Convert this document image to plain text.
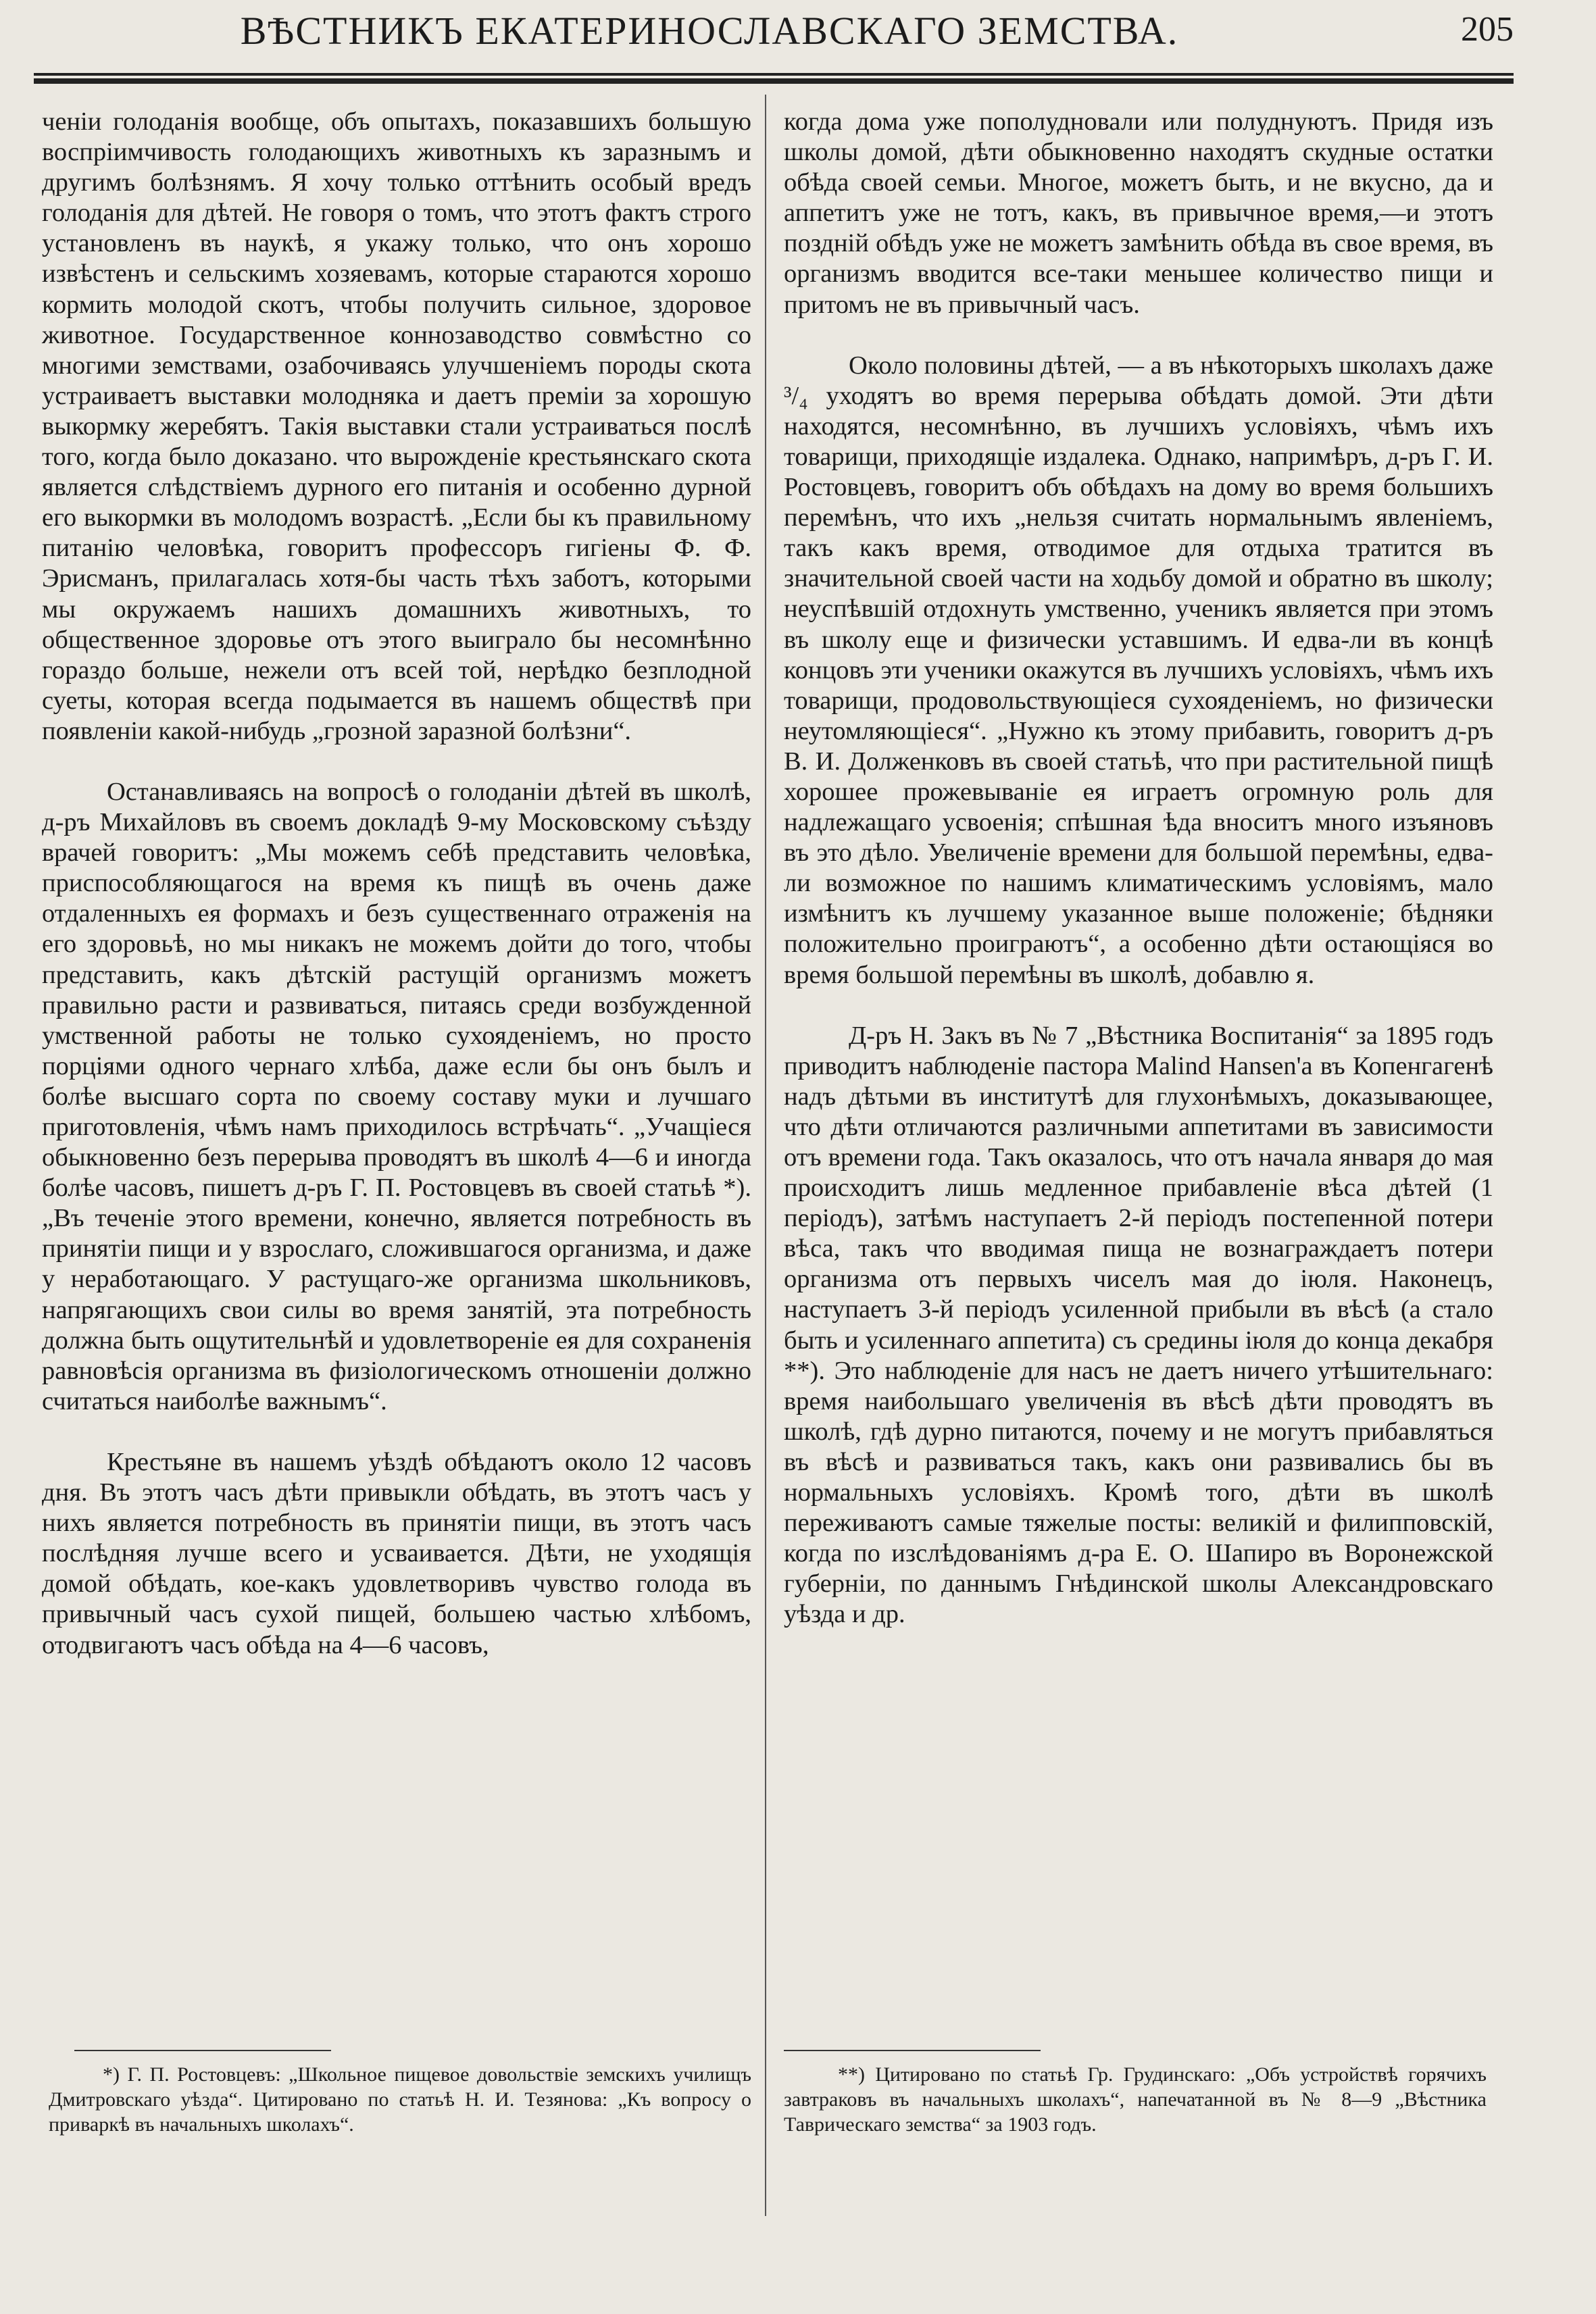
ВѢСТНИКЪ ЕКАТЕРИНОСЛАВСКАГО ЗЕМСТВА.	205

ченіи голоданія вообще, объ опытахъ, показавшихъ большую воспріимчивость голодающихъ животныхъ къ заразнымъ и другимъ болѣзнямъ. Я хочу только оттѣнить особый вредъ голоданія для дѣтей. Не говоря о томъ, что этотъ фактъ строго установленъ въ наукѣ, я укажу только, что онъ хорошо извѣстенъ и сельскимъ хозяевамъ, которые стараются хорошо кормить молодой скотъ, чтобы получить сильное, здоровое животное. Государственное коннозаводство совмѣстно со многими земствами, озабочиваясь улучшеніемъ породы скота устраиваетъ выставки молодняка и даетъ преміи за хорошую выкормку жеребятъ. Такія выставки стали устраиваться послѣ того, когда было доказано. что вырожденіе крестьянскаго скота является слѣдствіемъ дурного его питанія и особенно дурной его выкормки въ молодомъ возрастѣ. „Если бы къ правильному питанію человѣка, говоритъ профессоръ гигіены Ф. Ф. Эрисманъ, прилагалась хотя-бы часть тѣхъ заботъ, которыми мы окружаемъ нашихъ домашнихъ животныхъ, то общественное здоровье отъ этого выиграло бы несомнѣнно гораздо больше, нежели отъ всей той, нерѣдко безплодной суеты, которая всегда подымается въ нашемъ обществѣ при появленіи какой-нибудь „грозной заразной болѣзни“.

Останавливаясь на вопросѣ о голоданіи дѣтей въ школѣ, д-ръ Михайловъ въ своемъ докладѣ 9-му Московскому съѣзду врачей говоритъ: „Мы можемъ себѣ представить человѣка, приспособляющагося на время къ пищѣ въ очень даже отдаленныхъ ея формахъ и безъ существеннаго отраженія на его здоровьѣ, но мы никакъ не можемъ дойти до того, чтобы представить, какъ дѣтскій растущій организмъ можетъ правильно расти и развиваться, питаясь среди возбужденной умственной работы не только сухояденіемъ, но просто порціями одного чернаго хлѣба, даже если бы онъ былъ и болѣе высшаго сорта по своему составу муки и лучшаго приготовленія, чѣмъ намъ приходилось встрѣчать“. „Учащіеся обыкновенно безъ перерыва проводятъ въ школѣ 4—6 и иногда болѣе часовъ, пишетъ д-ръ Г. П. Ростовцевъ въ своей статьѣ *). „Въ теченіе этого времени, конечно, является потребность въ принятіи пищи и у взрослаго, сложившагося организма, и даже у неработающаго. У растущаго-же организма школьниковъ, напрягающихъ свои силы во время занятій, эта потребность должна быть ощутительнѣй и удовлетвореніе ея для сохраненія равновѣсія организма въ физіологическомъ отношеніи должно считаться наиболѣе важнымъ“.

Крестьяне въ нашемъ уѣздѣ обѣдаютъ около 12 часовъ дня. Въ этотъ часъ дѣти привыкли обѣдать, въ этотъ часъ у нихъ является потребность въ принятіи пищи, въ этотъ часъ послѣдняя лучше всего и усваивается. Дѣти, не уходящія домой обѣдать, кое-какъ удовлетворивъ чувство голода въ привычный часъ сухой пищей, большею частью хлѣбомъ, отодвигаютъ часъ обѣда на 4—6 часовъ,

когда дома уже пополудновали или полуднуютъ. Придя изъ школы домой, дѣти обыкновенно находятъ скудные остатки обѣда своей семьи. Многое, можетъ быть, и не вкусно, да и аппетитъ уже не тотъ, какъ, въ привычное время,—и этотъ поздній обѣдъ уже не можетъ замѣнить обѣда въ свое время, въ организмъ вводится все-таки меньшее количество пищи и притомъ не въ привычный часъ.

Около половины дѣтей, — а въ нѣкоторыхъ школахъ даже ³/₄ уходятъ во время перерыва обѣдать домой. Эти дѣти находятся, несомнѣнно, въ лучшихъ условіяхъ, чѣмъ ихъ товарищи, приходящіе издалека. Однако, напримѣръ, д-ръ Г. И. Ростовцевъ, говоритъ объ обѣдахъ на дому во время большихъ перемѣнъ, что ихъ „нельзя считать нормальнымъ явленіемъ, такъ какъ время, отводимое для отдыха тратится въ значительной своей части на ходьбу домой и обратно въ школу; неуспѣвшій отдохнуть умственно, ученикъ является при этомъ въ школу еще и физически уставшимъ. И едва-ли въ концѣ концовъ эти ученики окажутся въ лучшихъ условіяхъ, чѣмъ ихъ товарищи, продовольствующіеся сухояденіемъ, но физически неутомляющіеся“. „Нужно къ этому прибавить, говоритъ д-ръ В. И. Долженковъ въ своей статьѣ, что при растительной пищѣ хорошее прожевываніе ея играетъ огромную роль для надлежащаго усвоенія; спѣшная ѣда вноситъ много изъяновъ въ это дѣло. Увеличеніе времени для большой перемѣны, едва-ли возможное по нашимъ климатическимъ условіямъ, мало измѣнитъ къ лучшему указанное выше положеніе; бѣдняки положительно проиграютъ“, а особенно дѣти остающіяся во время большой перемѣны въ школѣ, добавлю я.

Д-ръ Н. Закъ въ № 7 „Вѣстника Воспитанія“ за 1895 годъ приводитъ наблюденіе пастора Malind Hansen'а въ Копенгагенѣ надъ дѣтьми въ институтѣ для глухонѣмыхъ, доказывающее, что дѣти отличаются различными аппетитами въ зависимости отъ времени года. Такъ оказалось, что отъ начала января до мая происходитъ лишь медленное прибавленіе вѣса дѣтей (1 періодъ), затѣмъ наступаетъ 2-й періодъ постепенной потери вѣса, такъ что вводимая пища не вознаграждаетъ потери организма отъ первыхъ чиселъ мая до іюля. Наконецъ, наступаетъ 3-й періодъ усиленной прибыли въ вѣсѣ (а стало быть и усиленнаго аппетита) съ средины іюля до конца декабря **). Это наблюденіе для насъ не даетъ ничего утѣшительнаго: время наибольшаго увеличенія въ вѣсѣ дѣти проводятъ въ школѣ, гдѣ дурно питаются, почему и не могутъ прибавляться въ вѣсѣ и развиваться такъ, какъ они развивались бы въ нормальныхъ условіяхъ. Кромѣ того, дѣти въ школѣ переживаютъ самые тяжелые посты: великій и филипповскій, когда по изслѣдованіямъ д-ра Е. О. Шапиро въ Воронежской губерніи, по даннымъ Гнѣдинской школы Александровскаго уѣзда и др.

*) Г. П. Ростовцевъ: „Школьное пищевое довольствіе земскихъ училищъ Дмитровскаго уѣзда“. Цитировано по статьѣ Н. И. Тезянова: „Къ вопросу о приваркѣ въ начальныхъ школахъ“.
**) Цитировано по статьѣ Гр. Грудинскаго: „Объ устройствѣ горячихъ завтраковъ въ начальныхъ школахъ“, напечатанной въ № 8—9 „Вѣстника Таврическаго земства“ за 1903 годъ.
